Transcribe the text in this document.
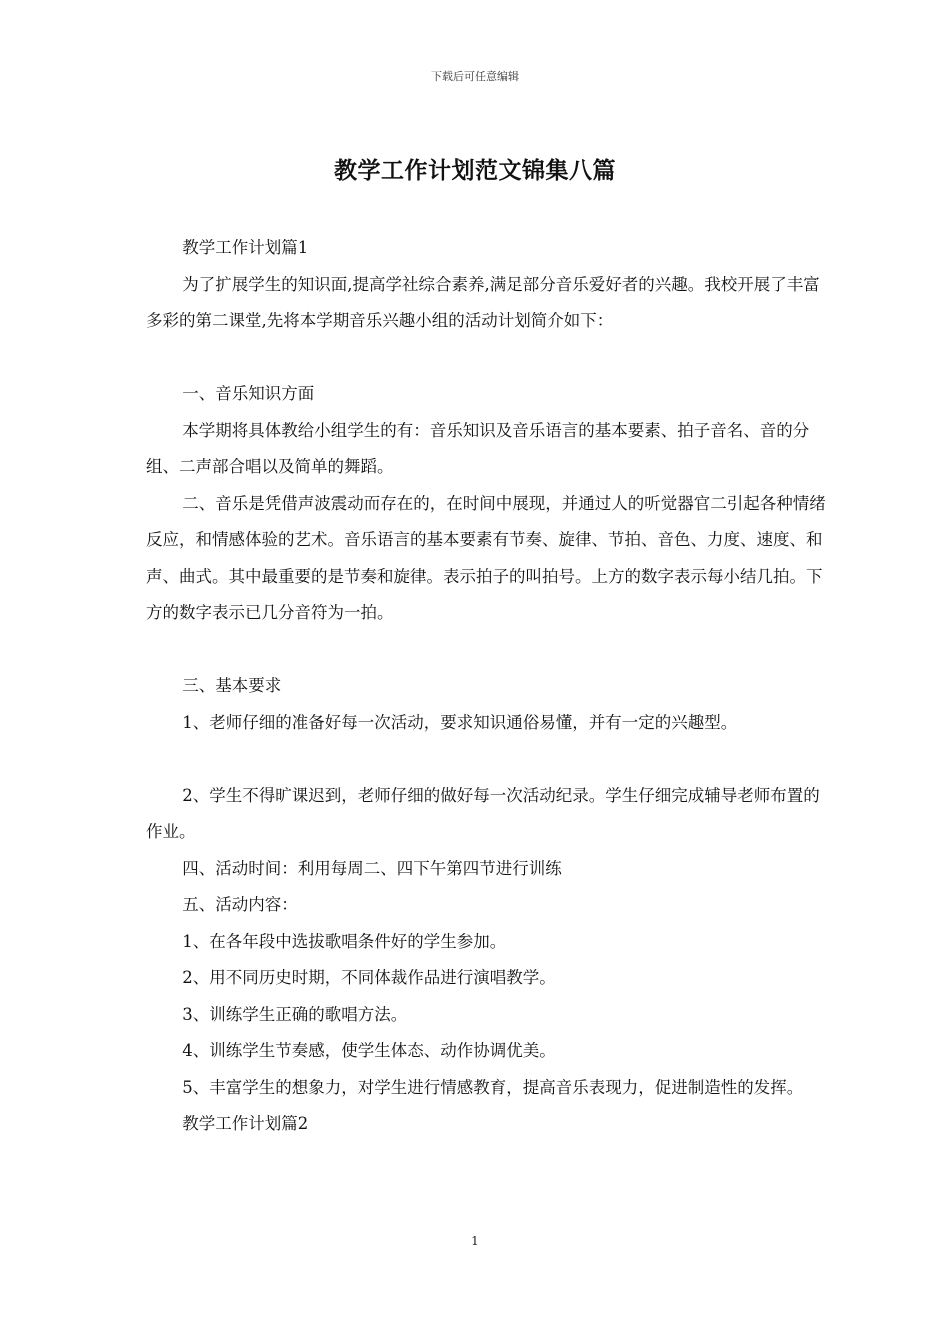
下载后可任意编辑
教学工作计划范文锦集八篇

教学工作计划篇1

为了扩展学生的知识面,提高学社综合素养,满足部分音乐爱好者的兴趣。我校开展了丰富多彩的第二课堂,先将本学期音乐兴趣小组的活动计划简介如下：

一、音乐知识方面

本学期将具体教给小组学生的有：音乐知识及音乐语言的基本要素、拍子音名、音的分组、二声部合唱以及简单的舞蹈。

二、音乐是凭借声波震动而存在的，在时间中展现，并通过人的听觉器官二引起各种情绪反应，和情感体验的艺术。音乐语言的基本要素有节奏、旋律、节拍、音色、力度、速度、和声、曲式。其中最重要的是节奏和旋律。表示拍子的叫拍号。上方的数字表示每小结几拍。下方的数字表示已几分音符为一拍。

三、基本要求

1、老师仔细的准备好每一次活动，要求知识通俗易懂，并有一定的兴趣型。

2、学生不得旷课迟到，老师仔细的做好每一次活动纪录。学生仔细完成辅导老师布置的作业。

四、活动时间：利用每周二、四下午第四节进行训练

五、活动内容：

1、在各年段中选拔歌唱条件好的学生参加。

2、用不同历史时期，不同体裁作品进行演唱教学。

3、训练学生正确的歌唱方法。

4、训练学生节奏感，使学生体态、动作协调优美。

5、丰富学生的想象力，对学生进行情感教育，提高音乐表现力，促进制造性的发挥。

教学工作计划篇2

1
